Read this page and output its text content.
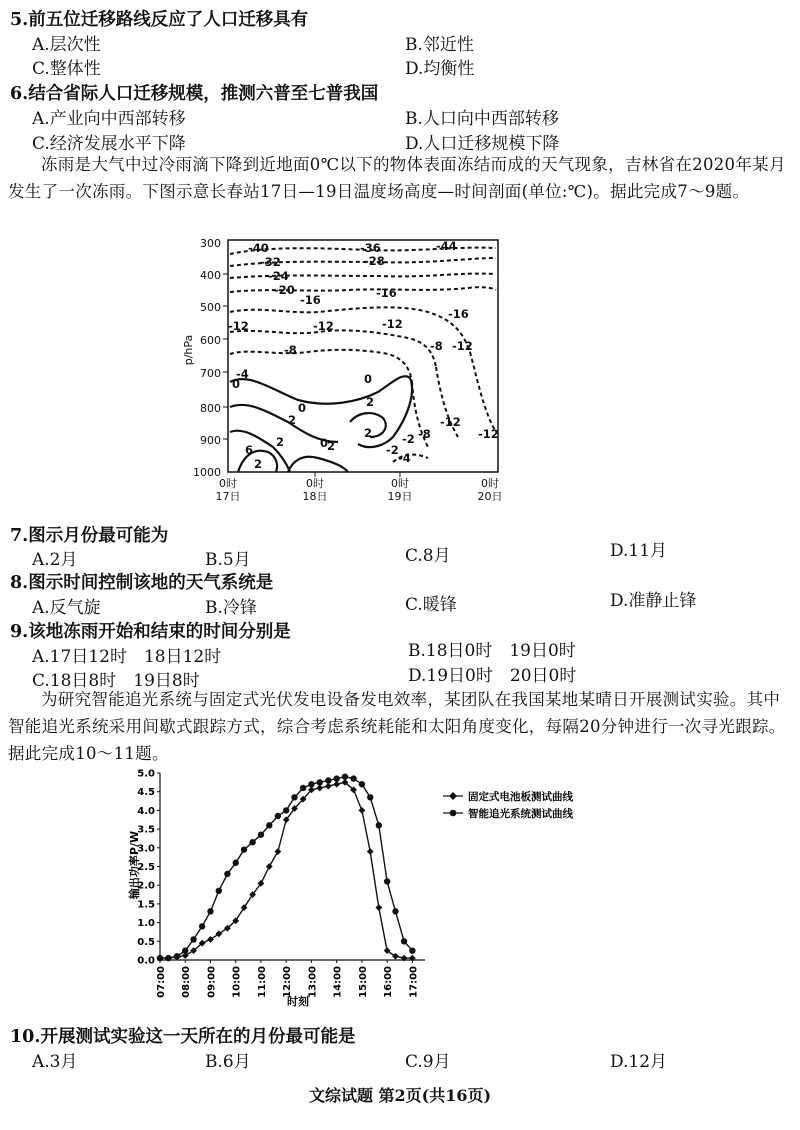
5.前五位迁移路线反应了人口迁移具有
A.层次性	B.邻近性
C.整体性	D.均衡性
6.结合省际人口迁移规模，推测六普至七普我国
A.产业向中西部转移	B.人口向中西部转移
C.经济发展水平下降	D.人口迁移规模下降
冻雨是大气中过冷雨滴下降到近地面0℃以下的物体表面冻结而成的天气现象，吉林省在2020年某月发生了一次冻雨。下图示意长春站17日—19日温度场高度—时间剖面(单位:℃)。据此完成7～9题。
p/hPa
300
400
500
600
700
800
900
1000
0时
17日
0时
18日
0时
19日
0时
20日
-40	-36	-44
-32	-28
-24
-20
-16	-16
-16
-12	-12	-12
-8	-8 -12
-4
0
0
0
2
2
2
-2
2	-2
-4
-8
-12
-12
0
6
2
2
7.图示月份最可能为
A.2月	B.5月	C.8月	D.11月
8.图示时间控制该地的天气系统是
A.反气旋	B.冷锋	C.暖锋	D.准静止锋
9.该地冻雨开始和结束的时间分别是
A.17日12时　18日12时	B.18日0时　19日0时
C.18日8时　19日8时	D.19日0时　20日0时
为研究智能追光系统与固定式光伏发电设备发电效率，某团队在我国某地某晴日开展测试实验。其中智能追光系统采用间歇式跟踪方式，综合考虑系统耗能和太阳角度变化，每隔20分钟进行一次寻光跟踪。据此完成10～11题。
输出功率P/W
时刻
0.0
0.5
1.0
1.5
2.0
2.5
3.0
3.5
4.0
4.5
5.0
07:00 08:00 09:00 10:00 11:00 12:00 13:00 14:00 15:00 16:00 17:00
固定式电池板测试曲线
智能追光系统测试曲线
10.开展测试实验这一天所在的月份最可能是
A.3月	B.6月	C.9月	D.12月
文综试题 第2页(共16页)
